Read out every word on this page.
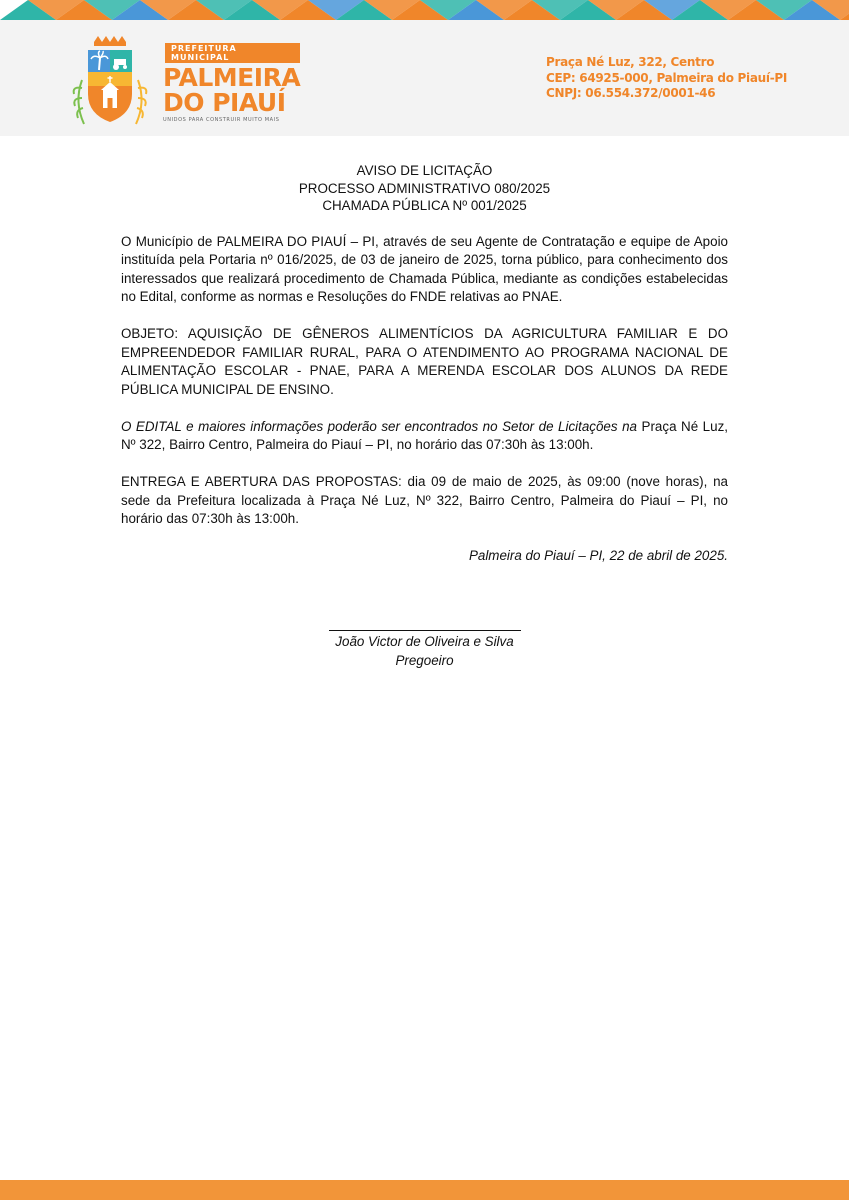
PREFEITURA MUNICIPAL
PALMEIRA
DO PIAUÍ
UNIDOS PARA CONSTRUIR MUITO MAIS
Praça Né Luz, 322, Centro
CEP: 64925-000, Palmeira do Piauí-PI
CNPJ: 06.554.372/0001-46
AVISO DE LICITAÇÃO
PROCESSO ADMINISTRATIVO 080/2025
CHAMADA PÚBLICA Nº 001/2025

O Município de PALMEIRA DO PIAUÍ – PI, através de seu Agente de Contratação e equipe de Apoio instituída pela Portaria nº 016/2025, de 03 de janeiro de 2025, torna público, para conhecimento dos interessados que realizará procedimento de Chamada Pública, mediante as condições estabelecidas no Edital, conforme as normas e Resoluções do FNDE relativas ao PNAE.

OBJETO: AQUISIÇÃO DE GÊNEROS ALIMENTÍCIOS DA AGRICULTURA FAMILIAR E DO EMPREENDEDOR FAMILIAR RURAL, PARA O ATENDIMENTO AO PROGRAMA NACIONAL DE ALIMENTAÇÃO ESCOLAR - PNAE, PARA A MERENDA ESCOLAR DOS ALUNOS DA REDE PÚBLICA MUNICIPAL DE ENSINO.

O EDITAL e maiores informações poderão ser encontrados no Setor de Licitações na Praça Né Luz, Nº 322, Bairro Centro, Palmeira do Piauí – PI, no horário das 07:30h às 13:00h.

ENTREGA E ABERTURA DAS PROPOSTAS: dia 09 de maio de 2025, às 09:00 (nove horas), na sede da Prefeitura localizada à Praça Né Luz, Nº 322, Bairro Centro, Palmeira do Piauí – PI, no horário das 07:30h às 13:00h.

Palmeira do Piauí – PI, 22 de abril de 2025.
João Victor de Oliveira e Silva
Pregoeiro
